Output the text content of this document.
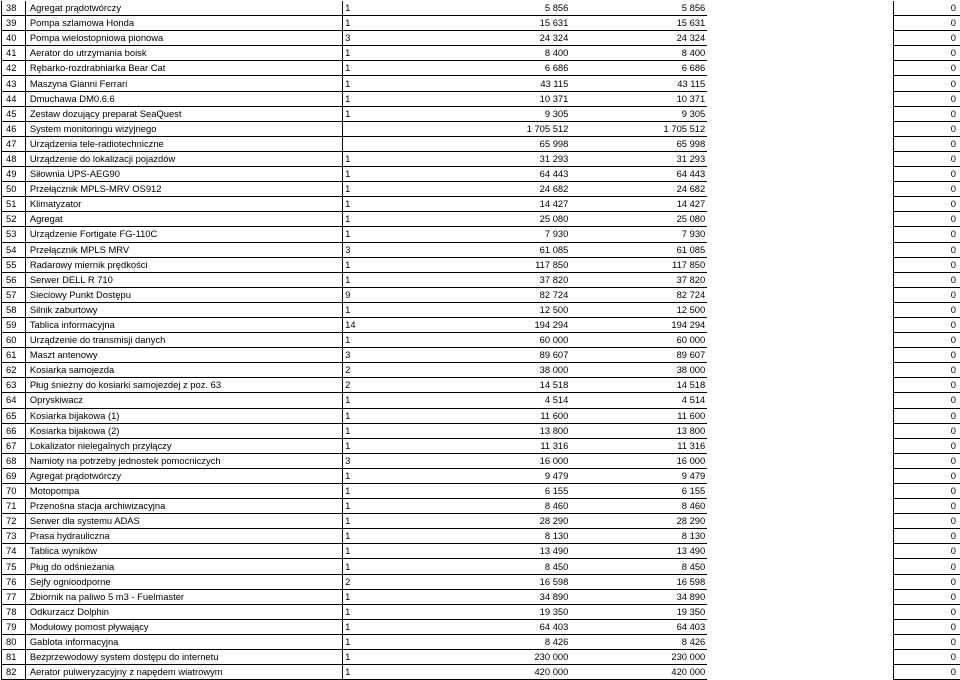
38	Agregat prądotwórczy	1	5 856		5 856		0
39	Pompa szlamowa Honda	1	15 631		15 631		0
40	Pompa wielostopniowa pionowa	3	24 324		24 324		0
41	Aerator do utrzymania boisk	1	8 400		8 400		0
42	Rębarko-rozdrabniarka Bear Cat	1	6 686		6 686		0
43	Maszyna Gianni Ferrari	1	43 115		43 115		0
44	Dmuchawa DM0.6.6	1	10 371		10 371		0
45	Zestaw dozujący preparat SeaQuest	1	9 305		9 305		0
46	System monitoringu wizyjnego		1 705 512		1 705 512		0
47	Urządzenia tele-radiotechniczne		65 998		65 998		0
48	Urządzenie do lokalizacji pojazdów	1	31 293		31 293		0
49	Siłownia UPS-AEG90	1	64 443		64 443		0
50	Przełącznik MPLS-MRV OS912	1	24 682		24 682		0
51	Klimatyzator	1	14 427		14 427		0
52	Agregat	1	25 080		25 080		0
53	Urządzenie Fortigate FG-110C	1	7 930		7 930		0
54	Przełącznik MPLS MRV	3	61 085		61 085		0
55	Radarowy miernik prędkości	1	117 850		117 850		0
56	Serwer DELL R 710	1	37 820		37 820		0
57	Sieciowy Punkt Dostępu	9	82 724		82 724		0
58	Silnik zaburtowy	1	12 500		12 500		0
59	Tablica informacyjna	14	194 294		194 294		0
60	Urządzenie do transmisji danych	1	60 000		60 000		0
61	Maszt antenowy	3	89 607		89 607		0
62	Kosiarka samojezda	2	38 000		38 000		0
63	Pług śnieżny do kosiarki samojezdej z poz. 63	2	14 518		14 518		0
64	Opryskiwacz	1	4 514		4 514		0
65	Kosiarka bijakowa (1)	1	11 600		11 600		0
66	Kosiarka bijakowa (2)	1	13 800		13 800		0
67	Lokalizator nielegalnych przyłączy	1	11 316		11 316		0
68	Namioty na potrzeby jednostek pomocniczych	3	16 000		16 000		0
69	Agregat prądotwórczy	1	9 479		9 479		0
70	Motopompa	1	6 155		6 155		0
71	Przenośna stacja archiwizacyjna	1	8 460		8 460		0
72	Serwer dla systemu ADAS	1	28 290		28 290		0
73	Prasa hydrauliczna	1	8 130		8 130		0
74	Tablica wyników	1	13 490		13 490		0
75	Pług do odśnieżania	1	8 450		8 450		0
76	Sejfy ognioodporne	2	16 598		16 598		0
77	Zbiornik na paliwo 5 m3 - Fuelmaster	1	34 890		34 890		0
78	Odkurzacz Dolphin	1	19 350		19 350		0
79	Modułowy pomost pływający	1	64 403		64 403		0
80	Gablota informacyjna	1	8 426		8 426		0
81	Bezprzewodowy system dostępu do internetu	1	230 000		230 000		0
82	Aerator pulweryzacyjny z napędem wiatrowym	1	420 000		420 000		0
